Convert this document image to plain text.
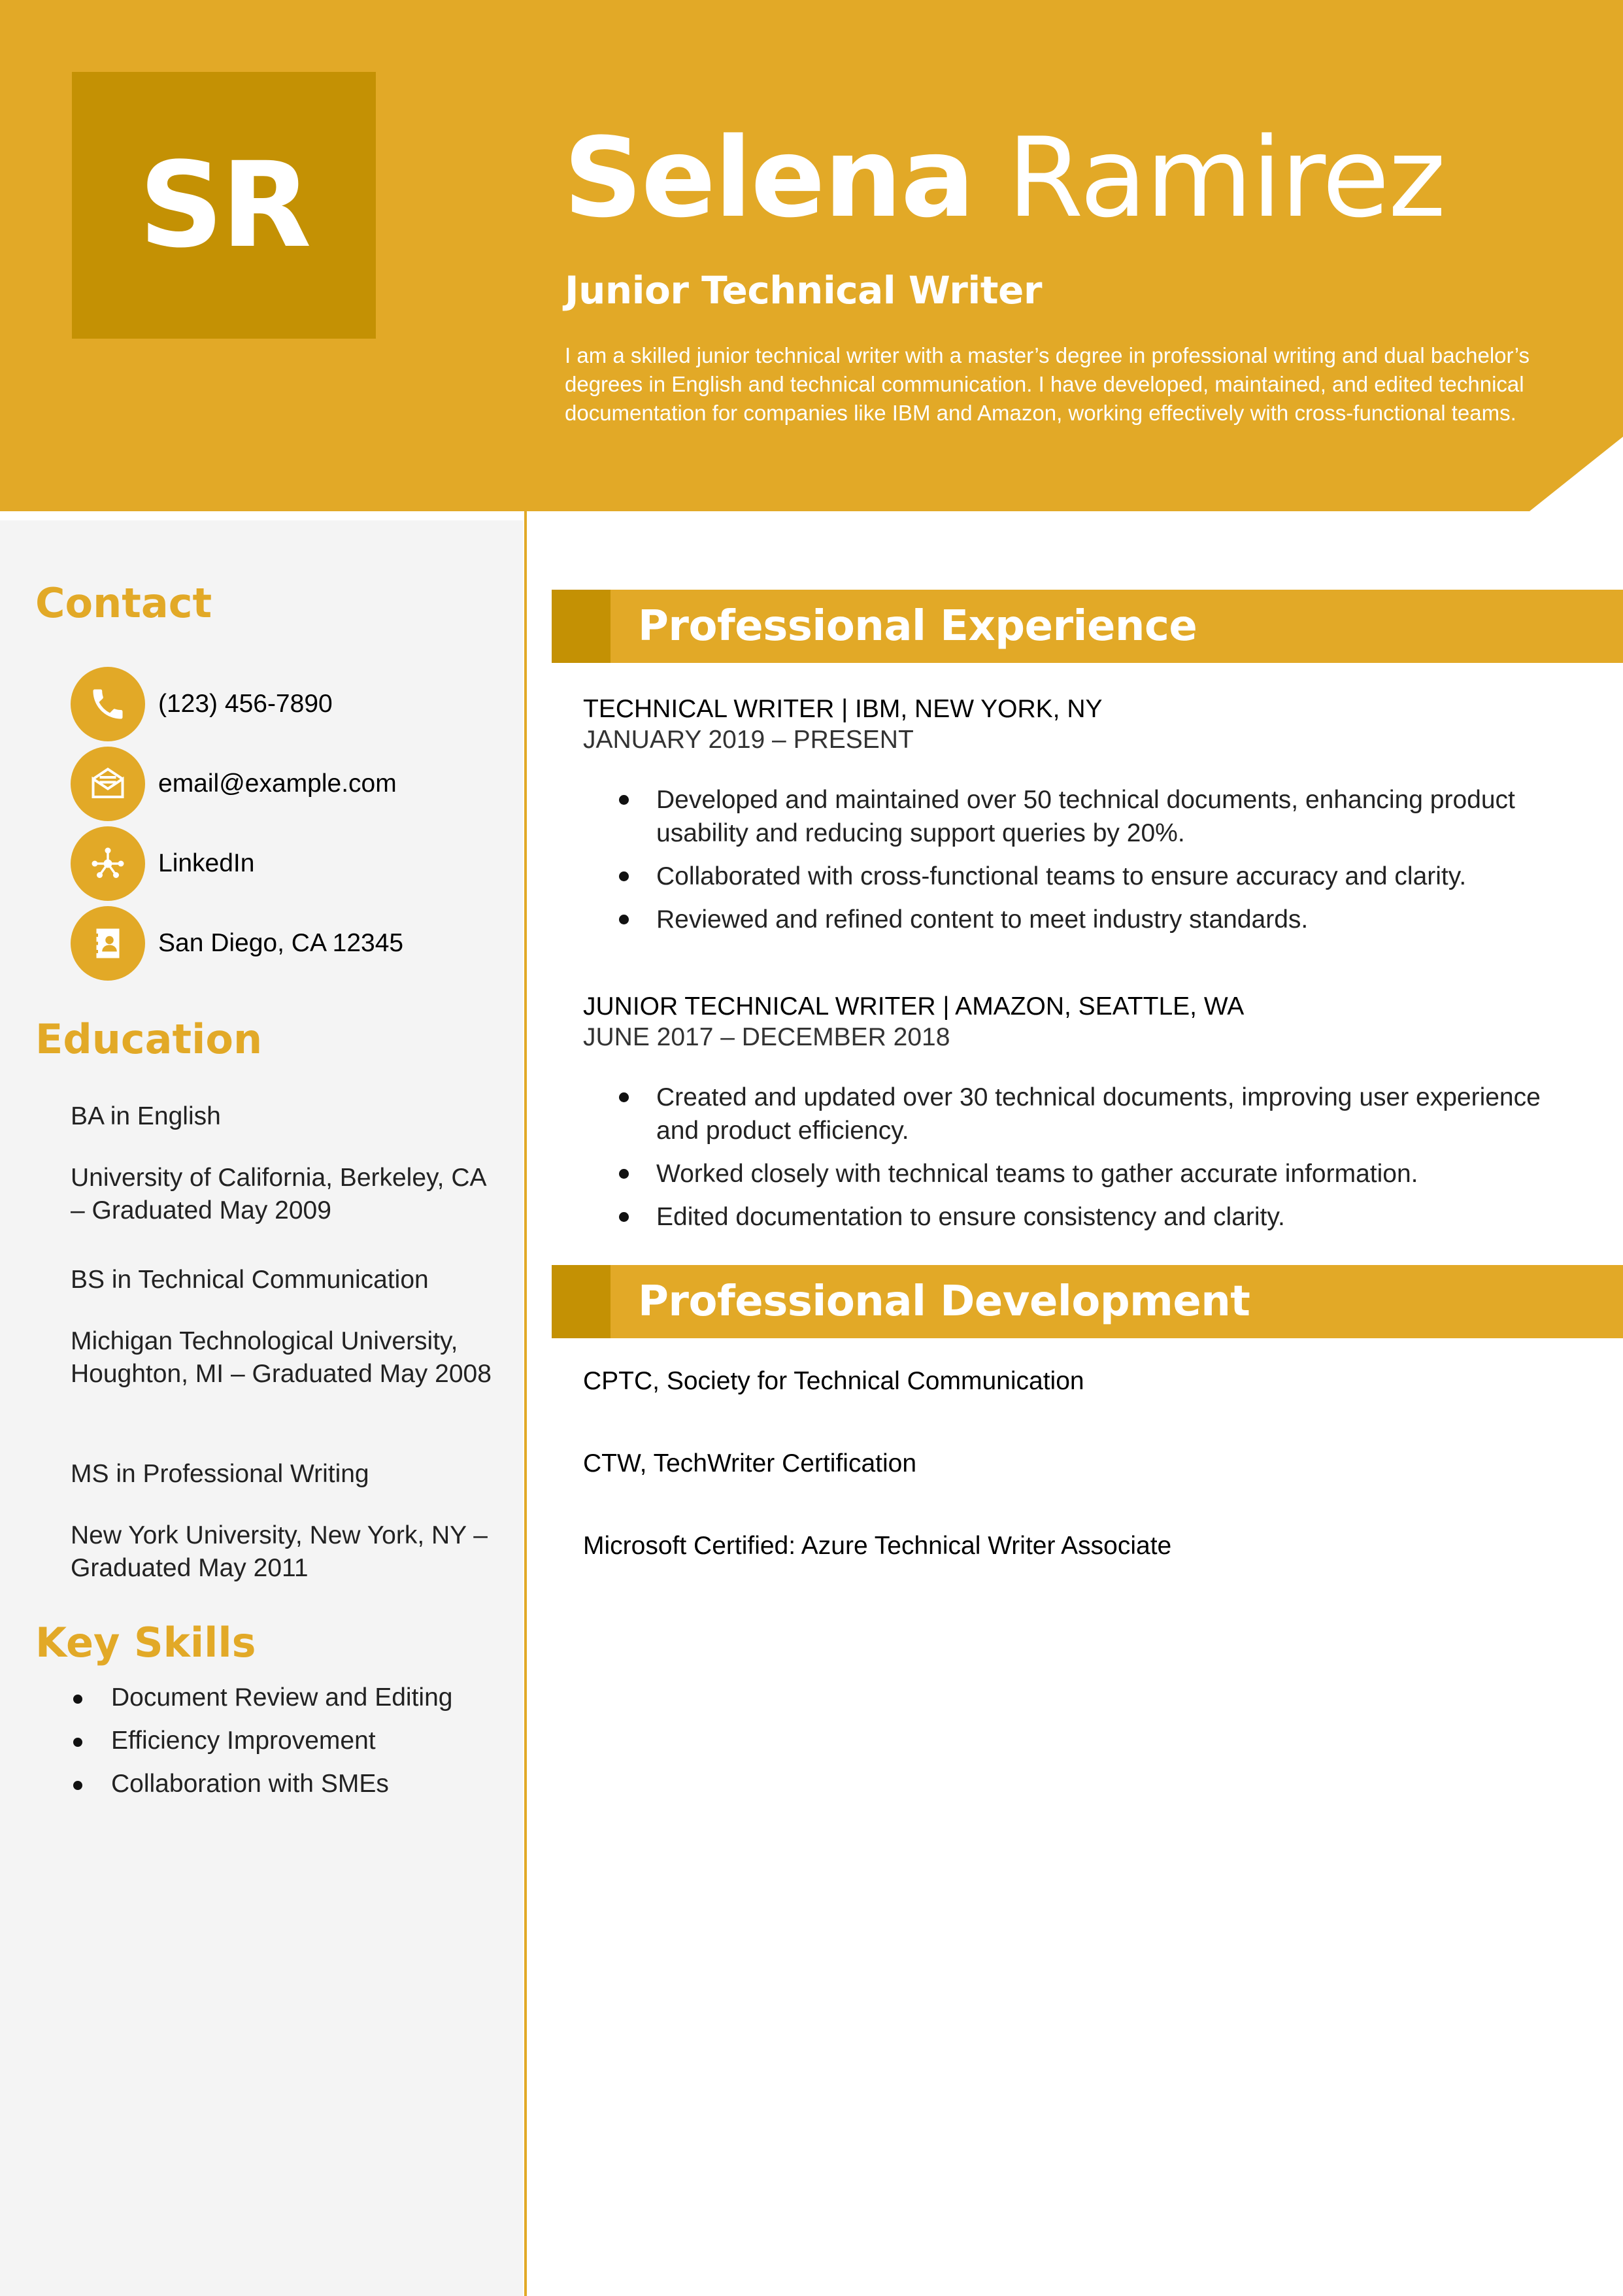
SR	Selena Ramirez
Junior Technical Writer
I am a skilled junior technical writer with a master’s degree in professional writing and dual bachelor’s degrees in English and technical communication. I have developed, maintained, and edited technical documentation for companies like IBM and Amazon, working effectively with cross-functional teams.
Contact
(123) 456-7890
email@example.com
LinkedIn
San Diego, CA 12345
Education
BA in English
University of California, Berkeley, CA – Graduated May 2009
BS in Technical Communication
Michigan Technological University, Houghton, MI – Graduated May 2008
MS in Professional Writing
New York University, New York, NY – Graduated May 2011
Key Skills
Document Review and Editing
Efficiency Improvement
Collaboration with SMEs
Professional Experience
TECHNICAL WRITER | IBM, NEW YORK, NY
JANUARY 2019 – PRESENT
Developed and maintained over 50 technical documents, enhancing product usability and reducing support queries by 20%.
Collaborated with cross-functional teams to ensure accuracy and clarity.
Reviewed and refined content to meet industry standards.
JUNIOR TECHNICAL WRITER | AMAZON, SEATTLE, WA
JUNE 2017 – DECEMBER 2018
Created and updated over 30 technical documents, improving user experience and product efficiency.
Worked closely with technical teams to gather accurate information.
Edited documentation to ensure consistency and clarity.
Professional Development
CPTC, Society for Technical Communication
CTW, TechWriter Certification
Microsoft Certified: Azure Technical Writer Associate
